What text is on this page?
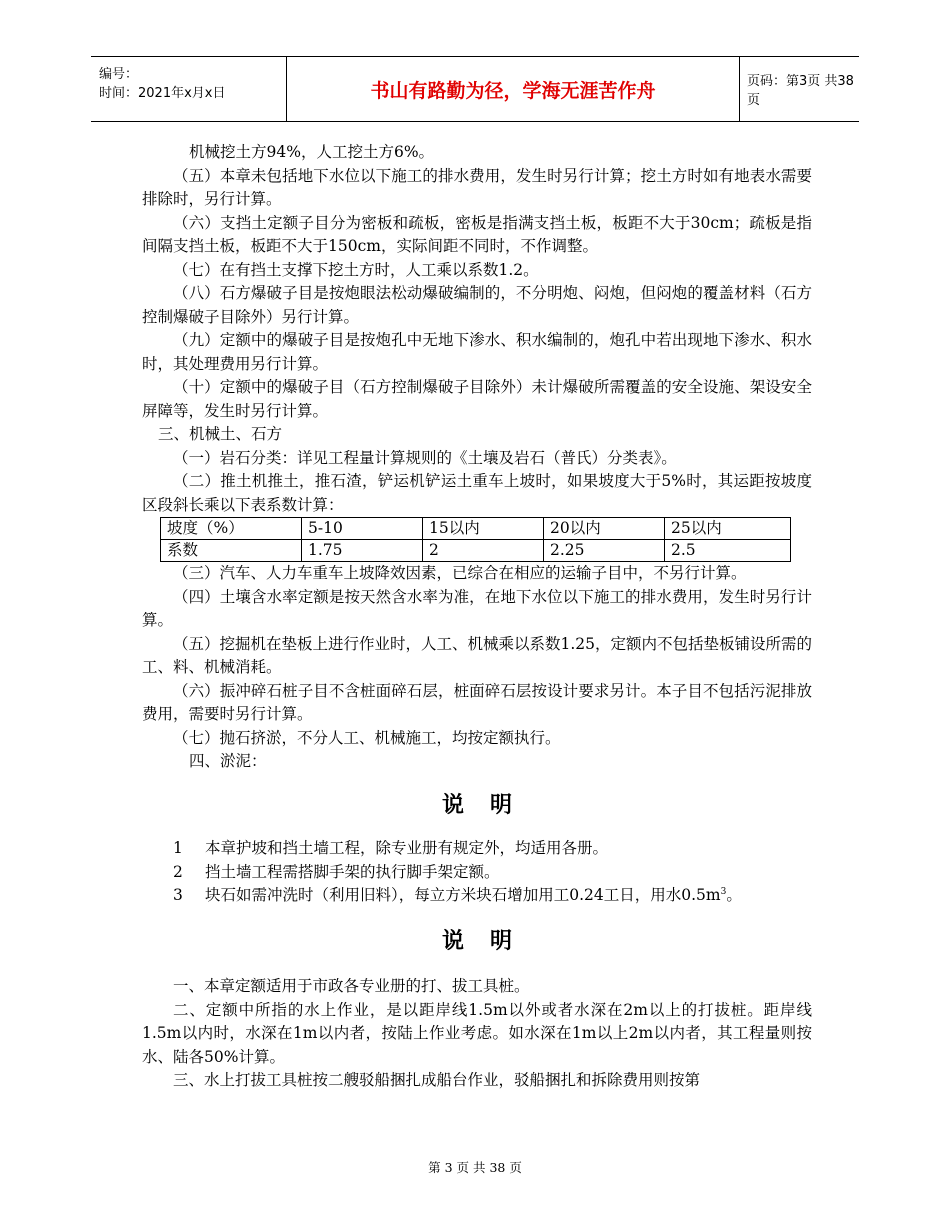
编号：
时间：2021年x月x日	书山有路勤为径，学海无涯苦作舟	页码：第3页 共38页

机械挖土方94%，人工挖土方6%。

（五）本章未包括地下水位以下施工的排水费用，发生时另行计算；挖土方时如有地表水需要排除时，另行计算。

（六）支挡土定额子目分为密板和疏板，密板是指满支挡土板，板距不大于30cm；疏板是指间隔支挡土板，板距不大于150cm，实际间距不同时，不作调整。

（七）在有挡土支撑下挖土方时，人工乘以系数1.2。

（八）石方爆破子目是按炮眼法松动爆破编制的，不分明炮、闷炮，但闷炮的覆盖材料（石方控制爆破子目除外）另行计算。

（九）定额中的爆破子目是按炮孔中无地下渗水、积水编制的，炮孔中若出现地下渗水、积水时，其处理费用另行计算。

（十）定额中的爆破子目（石方控制爆破子目除外）未计爆破所需覆盖的安全设施、架设安全屏障等，发生时另行计算。

三、机械土、石方

（一）岩石分类：详见工程量计算规则的《土壤及岩石（普氏）分类表》。

（二）推土机推土，推石渣，铲运机铲运土重车上坡时，如果坡度大于5%时，其运距按坡度区段斜长乘以下表系数计算：

坡度（%）	5-10	15以内	20以内	25以内
系数	1.75	2	2.25	2.5

（三）汽车、人力车重车上坡降效因素，已综合在相应的运输子目中，不另行计算。

（四）土壤含水率定额是按天然含水率为准，在地下水位以下施工的排水费用，发生时另行计算。

（五）挖掘机在垫板上进行作业时，人工、机械乘以系数1.25，定额内不包括垫板铺设所需的工、料、机械消耗。

（六）振冲碎石桩子目不含桩面碎石层，桩面碎石层按设计要求另计。本子目不包括污泥排放费用，需要时另行计算。

（七）抛石挤淤，不分人工、机械施工，均按定额执行。

四、淤泥：

说明

1 本章护坡和挡土墙工程，除专业册有规定外，均适用各册。

2 挡土墙工程需搭脚手架的执行脚手架定额。

3 块石如需冲洗时（利用旧料），每立方米块石增加用工0.24工日，用水$0.5m^3$。

说明

一、本章定额适用于市政各专业册的打、拔工具桩。

二、定额中所指的水上作业，是以距岸线1.5m以外或者水深在2m以上的打拔桩。距岸线1.5m以内时，水深在1m以内者，按陆上作业考虑。如水深在1m以上2m以内者，其工程量则按水、陆各50%计算。

三、水上打拔工具桩按二艘驳船捆扎成船台作业，驳船捆扎和拆除费用则按第

第 3 页 共 38 页
